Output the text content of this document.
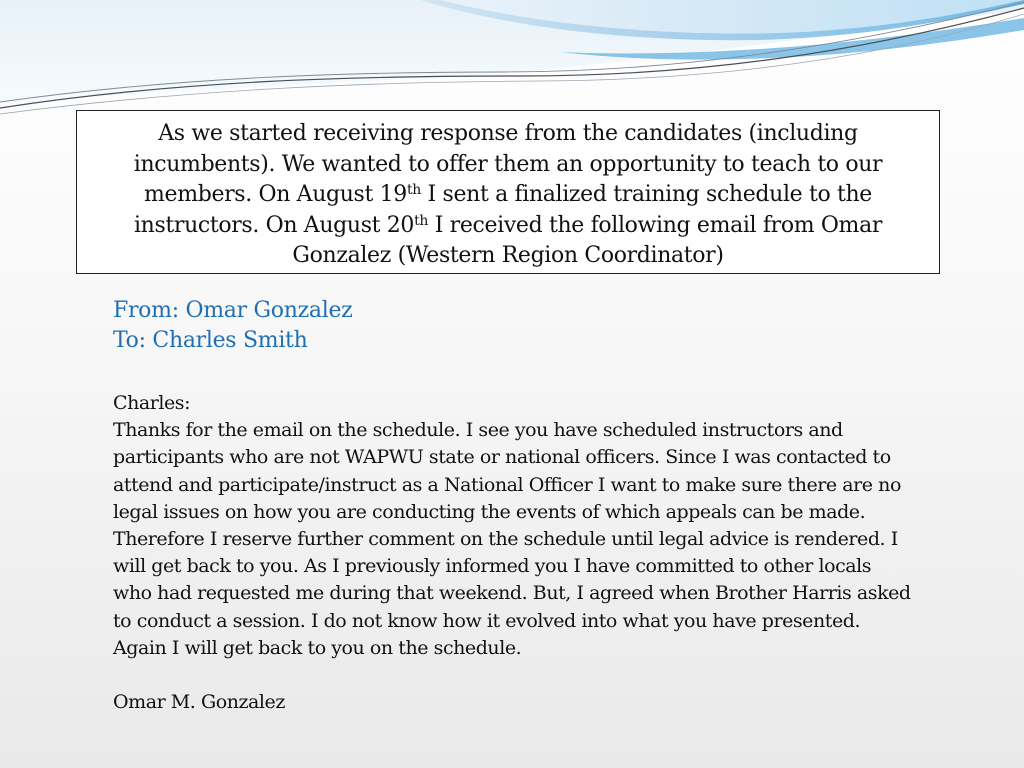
As we started receiving response from the candidates (including incumbents). We wanted to offer them an opportunity to teach to our members. On August 19th I sent a finalized training schedule to the instructors. On August 20th I received the following email from Omar Gonzalez (Western Region Coordinator)
From: Omar Gonzalez
To: Charles Smith

Charles:

Thanks for the email on the schedule. I see you have scheduled instructors and participants who are not WAPWU state or national officers. Since I was contacted to attend and participate/instruct as a National Officer I want to make sure there are no legal issues on how you are conducting the events of which appeals can be made. Therefore I reserve further comment on the schedule until legal advice is rendered. I will get back to you. As I previously informed you I have committed to other locals who had requested me during that weekend. But, I agreed when Brother Harris asked to conduct a session. I do not know how it evolved into what you have presented. Again I will get back to you on the schedule.

Omar M. Gonzalez
